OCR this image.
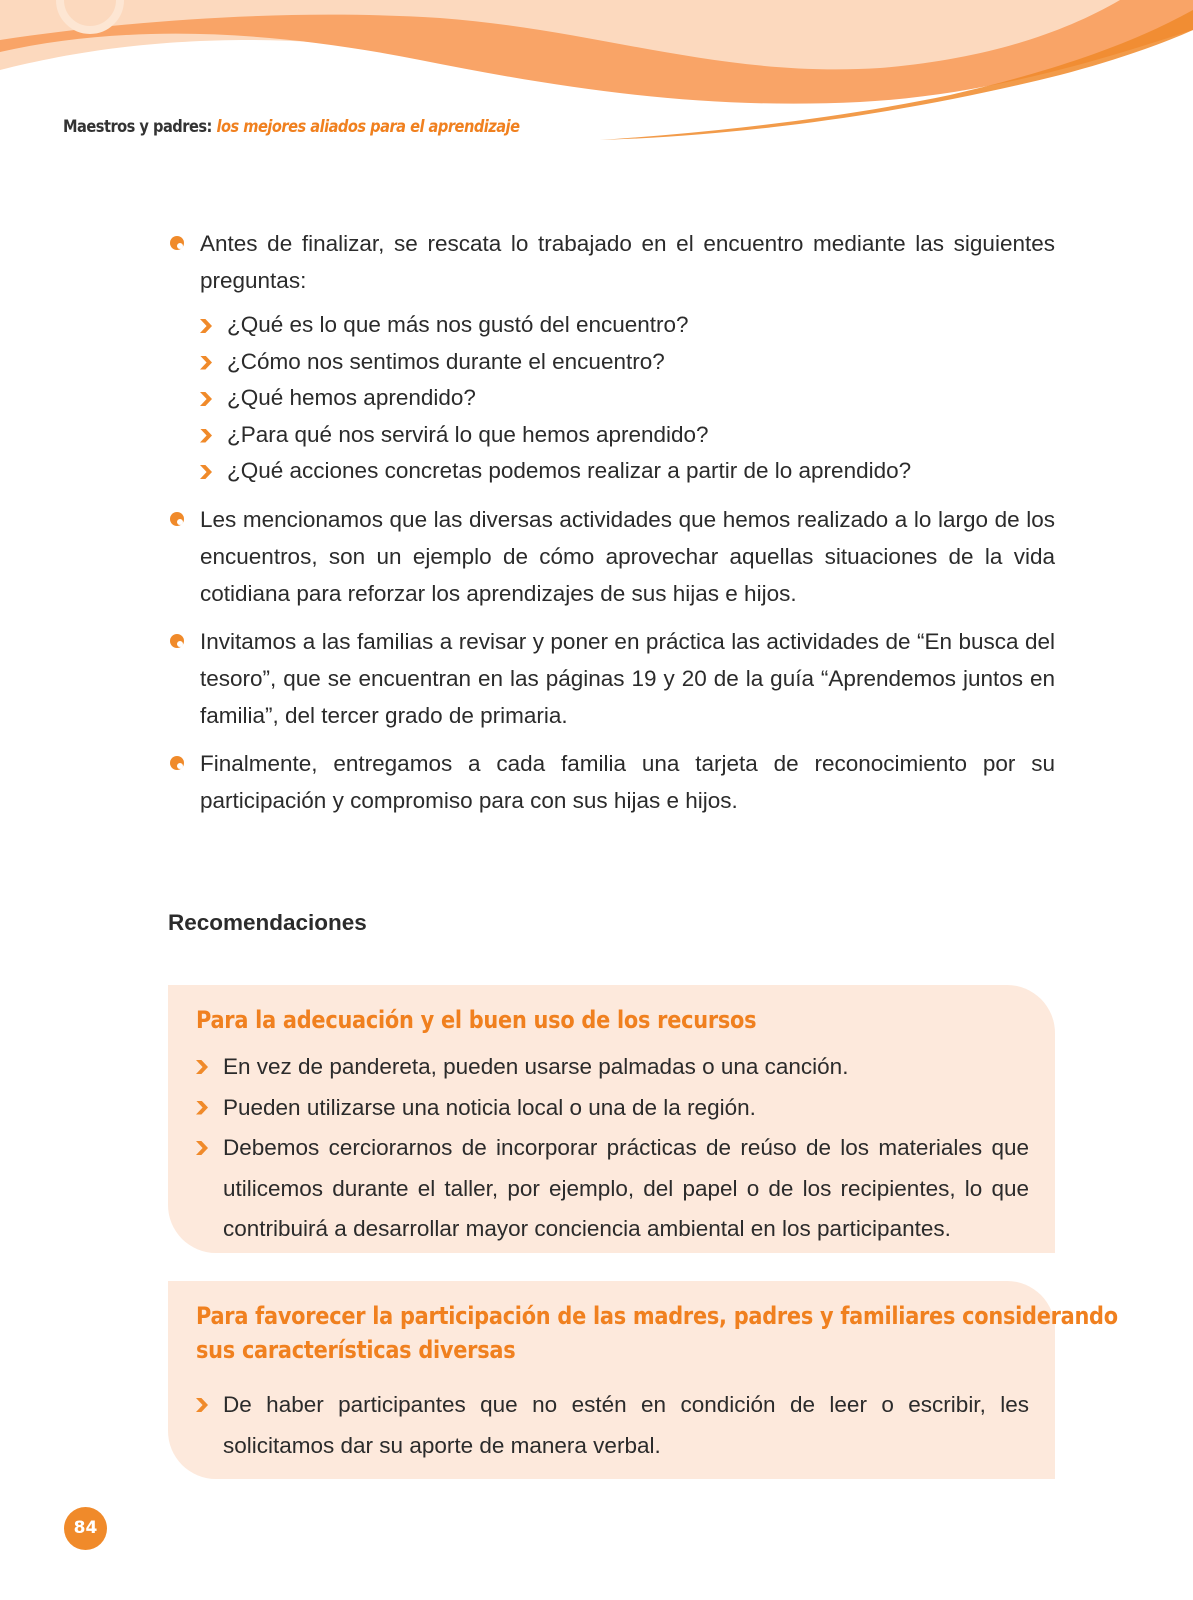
Maestros y padres: los mejores aliados para el aprendizaje
Antes de finalizar, se rescata lo trabajado en el encuentro mediante las siguientes preguntas:
¿Qué es lo que más nos gustó del encuentro?
¿Cómo nos sentimos durante el encuentro?
¿Qué hemos aprendido?
¿Para qué nos servirá lo que hemos aprendido?
¿Qué acciones concretas podemos realizar a partir de lo aprendido?
Les mencionamos que las diversas actividades que hemos realizado a lo largo de los encuentros, son un ejemplo de cómo aprovechar aquellas situaciones de la vida cotidiana para reforzar los aprendizajes de sus hijas e hijos.
Invitamos a las familias a revisar y poner en práctica las actividades de “En busca del tesoro”, que se encuentran en las páginas 19 y 20 de la guía “Aprendemos juntos en familia”, del tercer grado de primaria.
Finalmente, entregamos a cada familia una tarjeta de reconocimiento por su participación y compromiso para con sus hijas e hijos.
Recomendaciones
Para la adecuación y el buen uso de los recursos
En vez de pandereta, pueden usarse palmadas o una canción.
Pueden utilizarse una noticia local o una de la región.
Debemos cerciorarnos de incorporar prácticas de reúso de los materiales que utilicemos durante el taller, por ejemplo, del papel o de los recipientes, lo que contribuirá a desarrollar mayor conciencia ambiental en los participantes.
Para favorecer la participación de las madres, padres y familiares considerando
sus características diversas
De haber participantes que no estén en condición de leer o escribir, les solicitamos dar su aporte de manera verbal.
84
